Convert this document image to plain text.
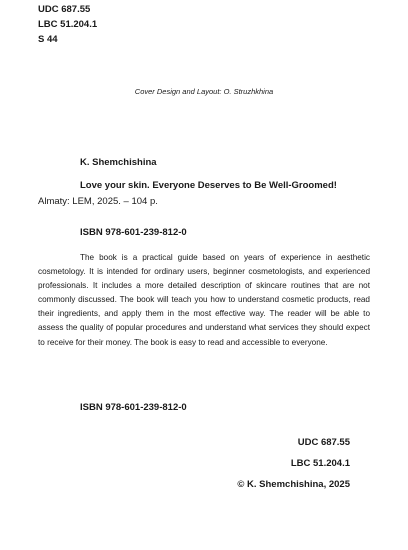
UDC 687.55
LBC 51.204.1
S 44
Cover Design and Layout: O. Struzhkhina
K. Shemchishina
Love your skin. Everyone Deserves to Be Well-Groomed!
Almaty: LEM, 2025. – 104 p.
ISBN 978-601-239-812-0
The book is a practical guide based on years of experience in aesthetic cosmetology. It is intended for ordinary users, beginner cosmetologists, and experienced professionals. It includes a more detailed description of skincare routines that are not commonly discussed. The book will teach you how to understand cosmetic products, read their ingredients, and apply them in the most effective way. The reader will be able to assess the quality of popular procedures and understand what services they should expect to receive for their money. The book is easy to read and accessible to everyone.
ISBN 978-601-239-812-0
UDC 687.55
LBC 51.204.1
© K. Shemchishina, 2025
